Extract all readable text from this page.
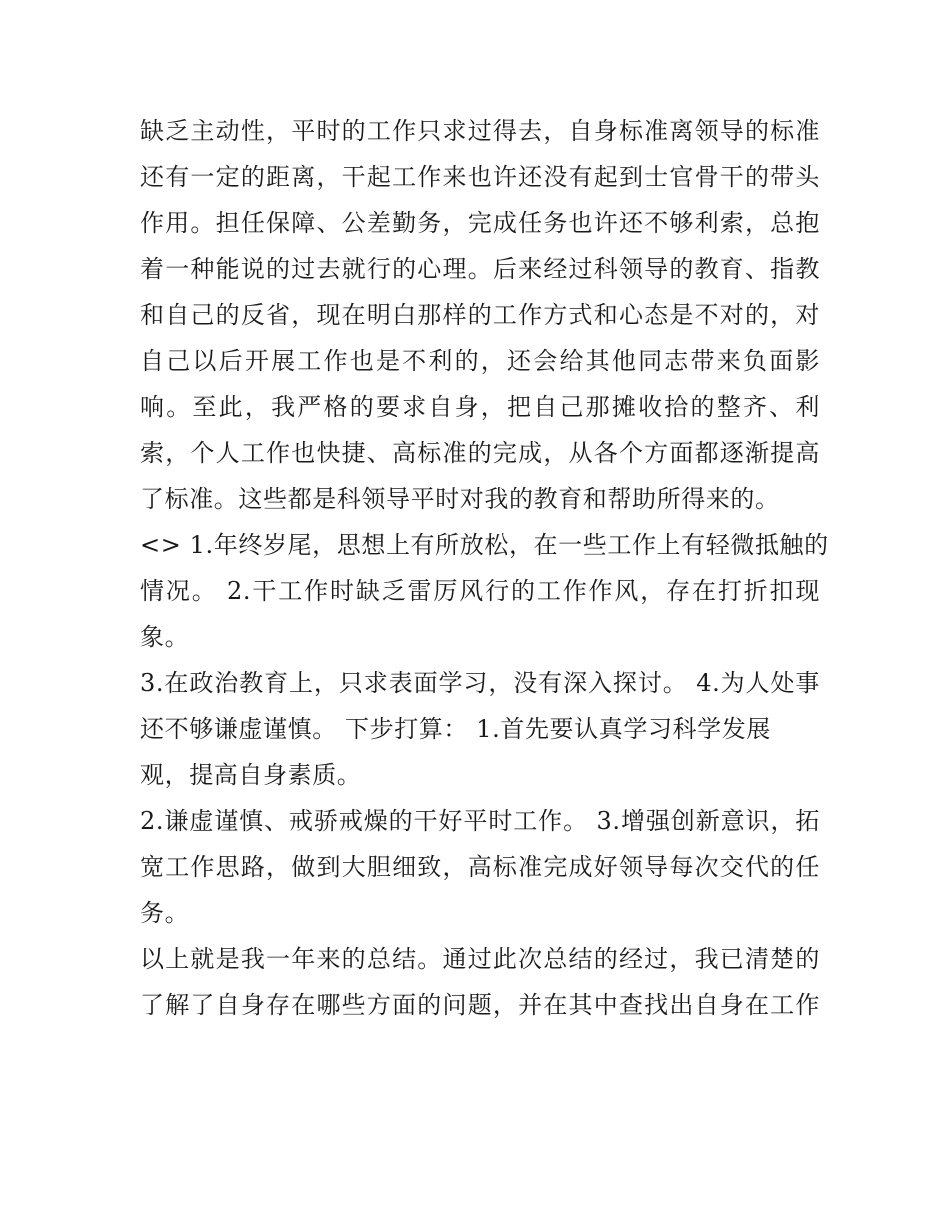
缺乏主动性，平时的工作只求过得去，自身标准离领导的标准
还有一定的距离，干起工作来也许还没有起到士官骨干的带头
作用。担任保障、公差勤务，完成任务也许还不够利索，总抱
着一种能说的过去就行的心理。后来经过科领导的教育、指教
和自己的反省，现在明白那样的工作方式和心态是不对的，对
自己以后开展工作也是不利的，还会给其他同志带来负面影
响。至此，我严格的要求自身，把自己那摊收拾的整齐、利
索，个人工作也快捷、高标准的完成，从各个方面都逐渐提高
了标准。这些都是科领导平时对我的教育和帮助所得来的。
<> 1.年终岁尾，思想上有所放松，在一些工作上有轻微抵触的
情况。 2.干工作时缺乏雷厉风行的工作作风，存在打折扣现
象。
3.在政治教育上，只求表面学习，没有深入探讨。 4.为人处事
还不够谦虚谨慎。 下步打算： 1.首先要认真学习科学发展
观，提高自身素质。
2.谦虚谨慎、戒骄戒燥的干好平时工作。 3.增强创新意识，拓
宽工作思路，做到大胆细致，高标准完成好领导每次交代的任
务。
以上就是我一年来的总结。通过此次总结的经过，我已清楚的
了解了自身存在哪些方面的问题，并在其中查找出自身在工作
